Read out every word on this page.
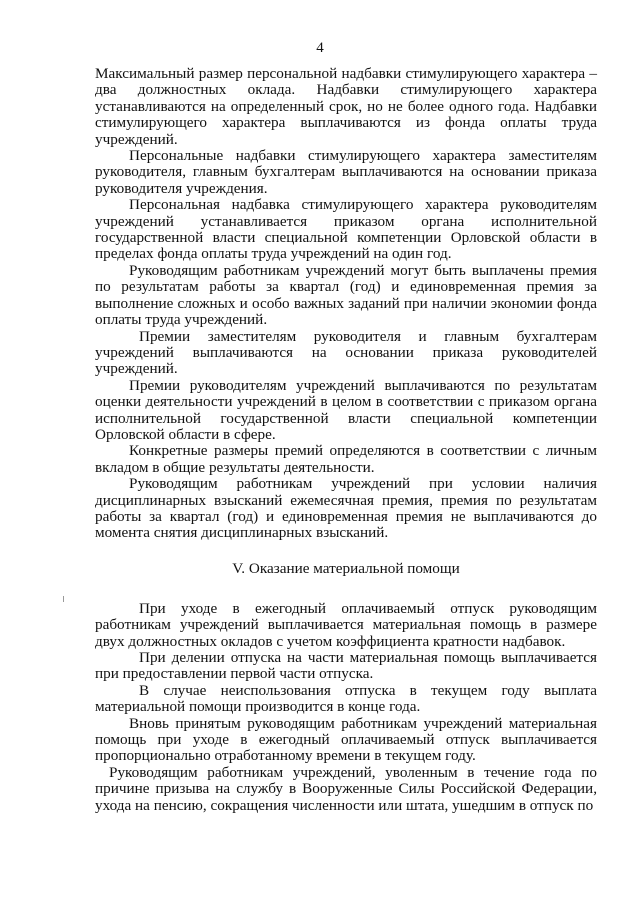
4

Максимальный размер персональной надбавки стимулирующего характера – два должностных оклада. Надбавки стимулирующего характера устанавливаются на определенный срок, но не более одного года. Надбавки стимулирующего характера выплачиваются из фонда оплаты труда учреждений.

Персональные надбавки стимулирующего характера заместителям руководителя, главным бухгалтерам выплачиваются на основании приказа руководителя учреждения.

Персональная надбавка стимулирующего характера руководителям учреждений устанавливается приказом органа исполнительной государственной власти специальной компетенции Орловской области в пределах фонда оплаты труда учреждений на один год.

Руководящим работникам учреждений могут быть выплачены премия по результатам работы за квартал (год) и единовременная премия за выполнение сложных и особо важных заданий при наличии экономии фонда оплаты труда учреждений.

Премии заместителям руководителя и главным бухгалтерам учреждений выплачиваются на основании приказа руководителей учреждений.

Премии руководителям учреждений выплачиваются по результатам оценки деятельности учреждений в целом в соответствии с приказом органа исполнительной государственной власти специальной компетенции Орловской области в сфере.

Конкретные размеры премий определяются в соответствии с личным вкладом в общие результаты деятельности.

Руководящим работникам учреждений при условии наличия дисциплинарных взысканий ежемесячная премия, премия по результатам работы за квартал (год) и единовременная премия не выплачиваются до момента снятия дисциплинарных взысканий.

V. Оказание материальной помощи

При уходе в ежегодный оплачиваемый отпуск руководящим работникам учреждений выплачивается материальная помощь в размере двух должностных окладов с учетом коэффициента кратности надбавок.

При делении отпуска на части материальная помощь выплачивается при предоставлении первой части отпуска.

В случае неиспользования отпуска в текущем году выплата материальной помощи производится в конце года.

Вновь принятым руководящим работникам учреждений материальная помощь при уходе в ежегодный оплачиваемый отпуск выплачивается пропорционально отработанному времени в текущем году.

Руководящим работникам учреждений, уволенным в течение года по причине призыва на службу в Вооруженные Силы Российской Федерации, ухода на пенсию, сокращения численности или штата, ушедшим в отпуск по
